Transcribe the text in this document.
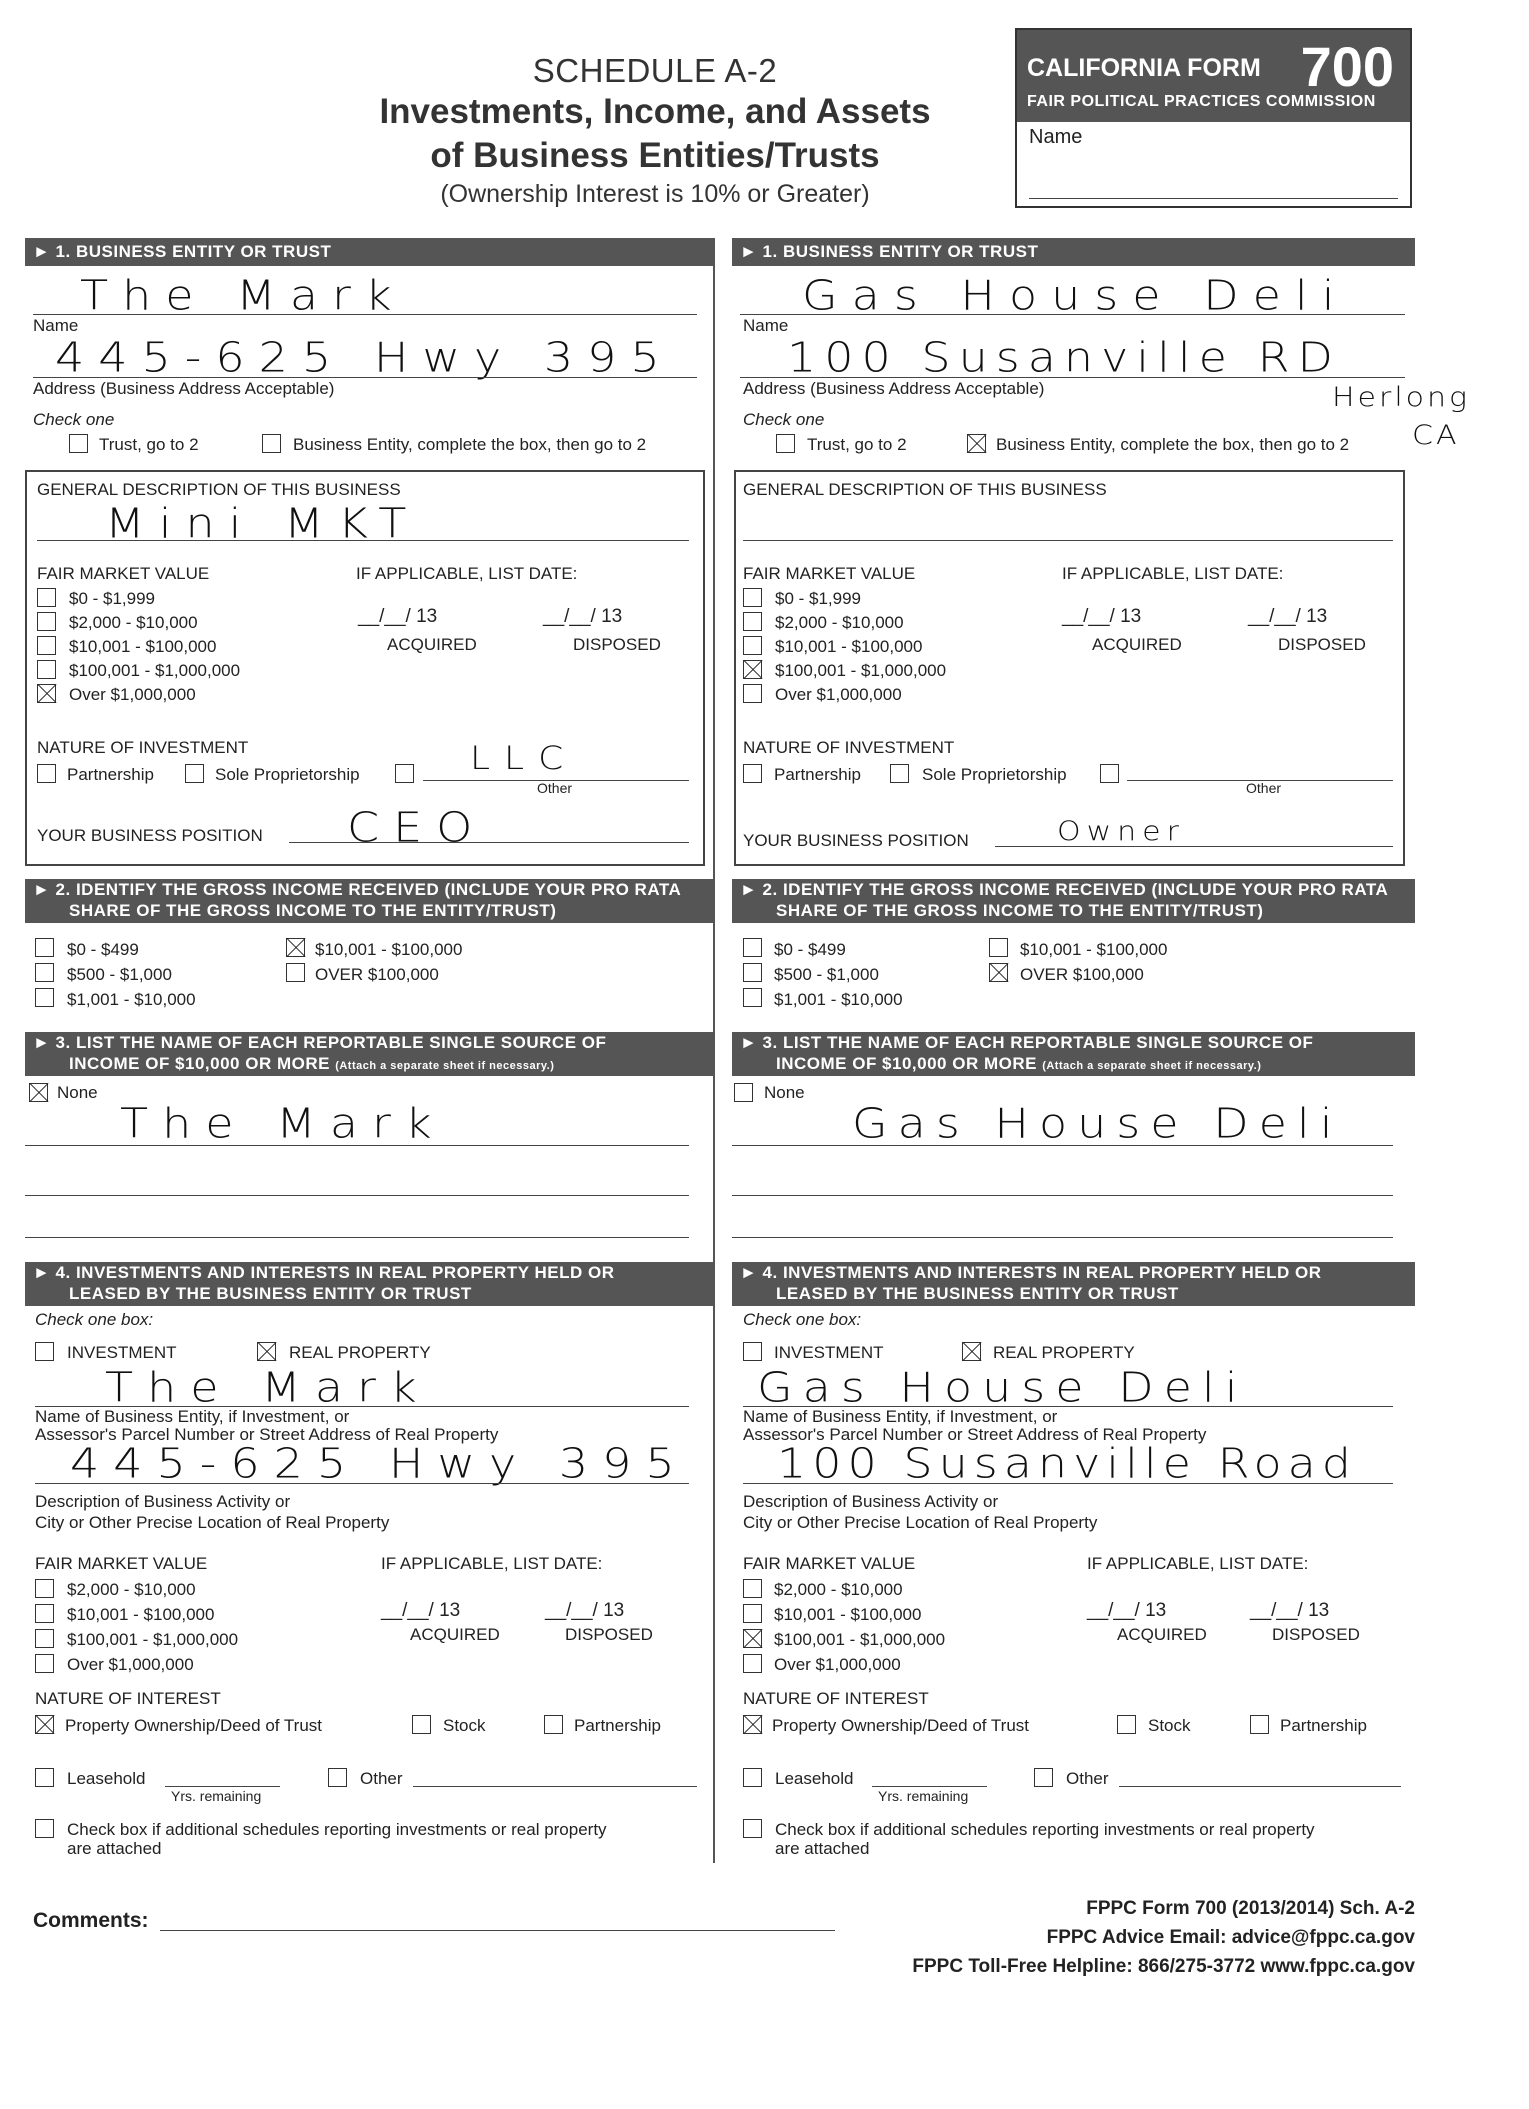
SCHEDULE A-2
Investments, Income, and Assets
of Business Entities/Trusts
(Ownership Interest is 10% or Greater)
CALIFORNIA FORM 700
FAIR POLITICAL PRACTICES COMMISSION
Name
► 1. BUSINESS ENTITY OR TRUST
The Mark
Name
445-625 Hwy 395
Address (Business Address Acceptable)
Check one
Trust, go to 2	Business Entity, complete the box, then go to 2
GENERAL DESCRIPTION OF THIS BUSINESS
Mini MKT
FAIR MARKET VALUE	IF APPLICABLE, LIST DATE:
$0 - $1,999
$2,000 - $10,000
$10,001 - $100,000
$100,001 - $1,000,000
Over $1,000,000
__/__/ 13
ACQUIRED
__/__/ 13
DISPOSED
NATURE OF INVESTMENT
Partnership	Sole Proprietorship	LLC
Other
YOUR BUSINESS POSITION CEO
► 2. IDENTIFY THE GROSS INCOME RECEIVED (INCLUDE YOUR PRO RATA
SHARE OF THE GROSS INCOME TO THE ENTITY/TRUST)
$0 - $499
$500 - $1,000
$1,001 - $10,000
$10,001 - $100,000
OVER $100,000
► 3. LIST THE NAME OF EACH REPORTABLE SINGLE SOURCE OF
INCOME OF $10,000 OR MORE (Attach a separate sheet if necessary.)
None
The Mark
► 4. INVESTMENTS AND INTERESTS IN REAL PROPERTY HELD OR
LEASED BY THE BUSINESS ENTITY OR TRUST
Check one box:
INVESTMENT	REAL PROPERTY
The Mark
Name of Business Entity, if Investment, or
Assessor's Parcel Number or Street Address of Real Property
445-625 Hwy 395
Description of Business Activity or
City or Other Precise Location of Real Property
FAIR MARKET VALUE	IF APPLICABLE, LIST DATE:
$2,000 - $10,000
$10,001 - $100,000
$100,001 - $1,000,000
Over $1,000,000
__/__/ 13
ACQUIRED
__/__/ 13
DISPOSED
NATURE OF INTEREST
Property Ownership/Deed of Trust	Stock	Partnership
Leasehold
Yrs. remaining
Other
Check box if additional schedules reporting investments or real property
are attached
► 1. BUSINESS ENTITY OR TRUST
Gas House Deli
Name
100 Susanville RD
Herlong
CA
Address (Business Address Acceptable)
Check one
Trust, go to 2	Business Entity, complete the box, then go to 2
GENERAL DESCRIPTION OF THIS BUSINESS
FAIR MARKET VALUE	IF APPLICABLE, LIST DATE:
$0 - $1,999
$2,000 - $10,000
$10,001 - $100,000
$100,001 - $1,000,000
Over $1,000,000
__/__/ 13
ACQUIRED
__/__/ 13
DISPOSED
NATURE OF INVESTMENT
Partnership	Sole Proprietorship
Other
YOUR BUSINESS POSITION	Owner
► 2. IDENTIFY THE GROSS INCOME RECEIVED (INCLUDE YOUR PRO RATA
SHARE OF THE GROSS INCOME TO THE ENTITY/TRUST)
$0 - $499
$500 - $1,000
$1,001 - $10,000
$10,001 - $100,000
OVER $100,000
► 3. LIST THE NAME OF EACH REPORTABLE SINGLE SOURCE OF
INCOME OF $10,000 OR MORE (Attach a separate sheet if necessary.)
None
Gas House Deli
► 4. INVESTMENTS AND INTERESTS IN REAL PROPERTY HELD OR
LEASED BY THE BUSINESS ENTITY OR TRUST
Check one box:
INVESTMENT	REAL PROPERTY
Gas House Deli
Name of Business Entity, if Investment, or
Assessor's Parcel Number or Street Address of Real Property
100 Susanville Road
Description of Business Activity or
City or Other Precise Location of Real Property
FAIR MARKET VALUE	IF APPLICABLE, LIST DATE:
$2,000 - $10,000
$10,001 - $100,000
$100,001 - $1,000,000
Over $1,000,000
__/__/ 13
ACQUIRED
__/__/ 13
DISPOSED
NATURE OF INTEREST
Property Ownership/Deed of Trust	Stock	Partnership
Leasehold
Yrs. remaining
Other
Check box if additional schedules reporting investments or real property
are attached
Comments:
FPPC Form 700 (2013/2014) Sch. A-2
FPPC Advice Email: advice@fppc.ca.gov
FPPC Toll-Free Helpline: 866/275-3772 www.fppc.ca.gov
